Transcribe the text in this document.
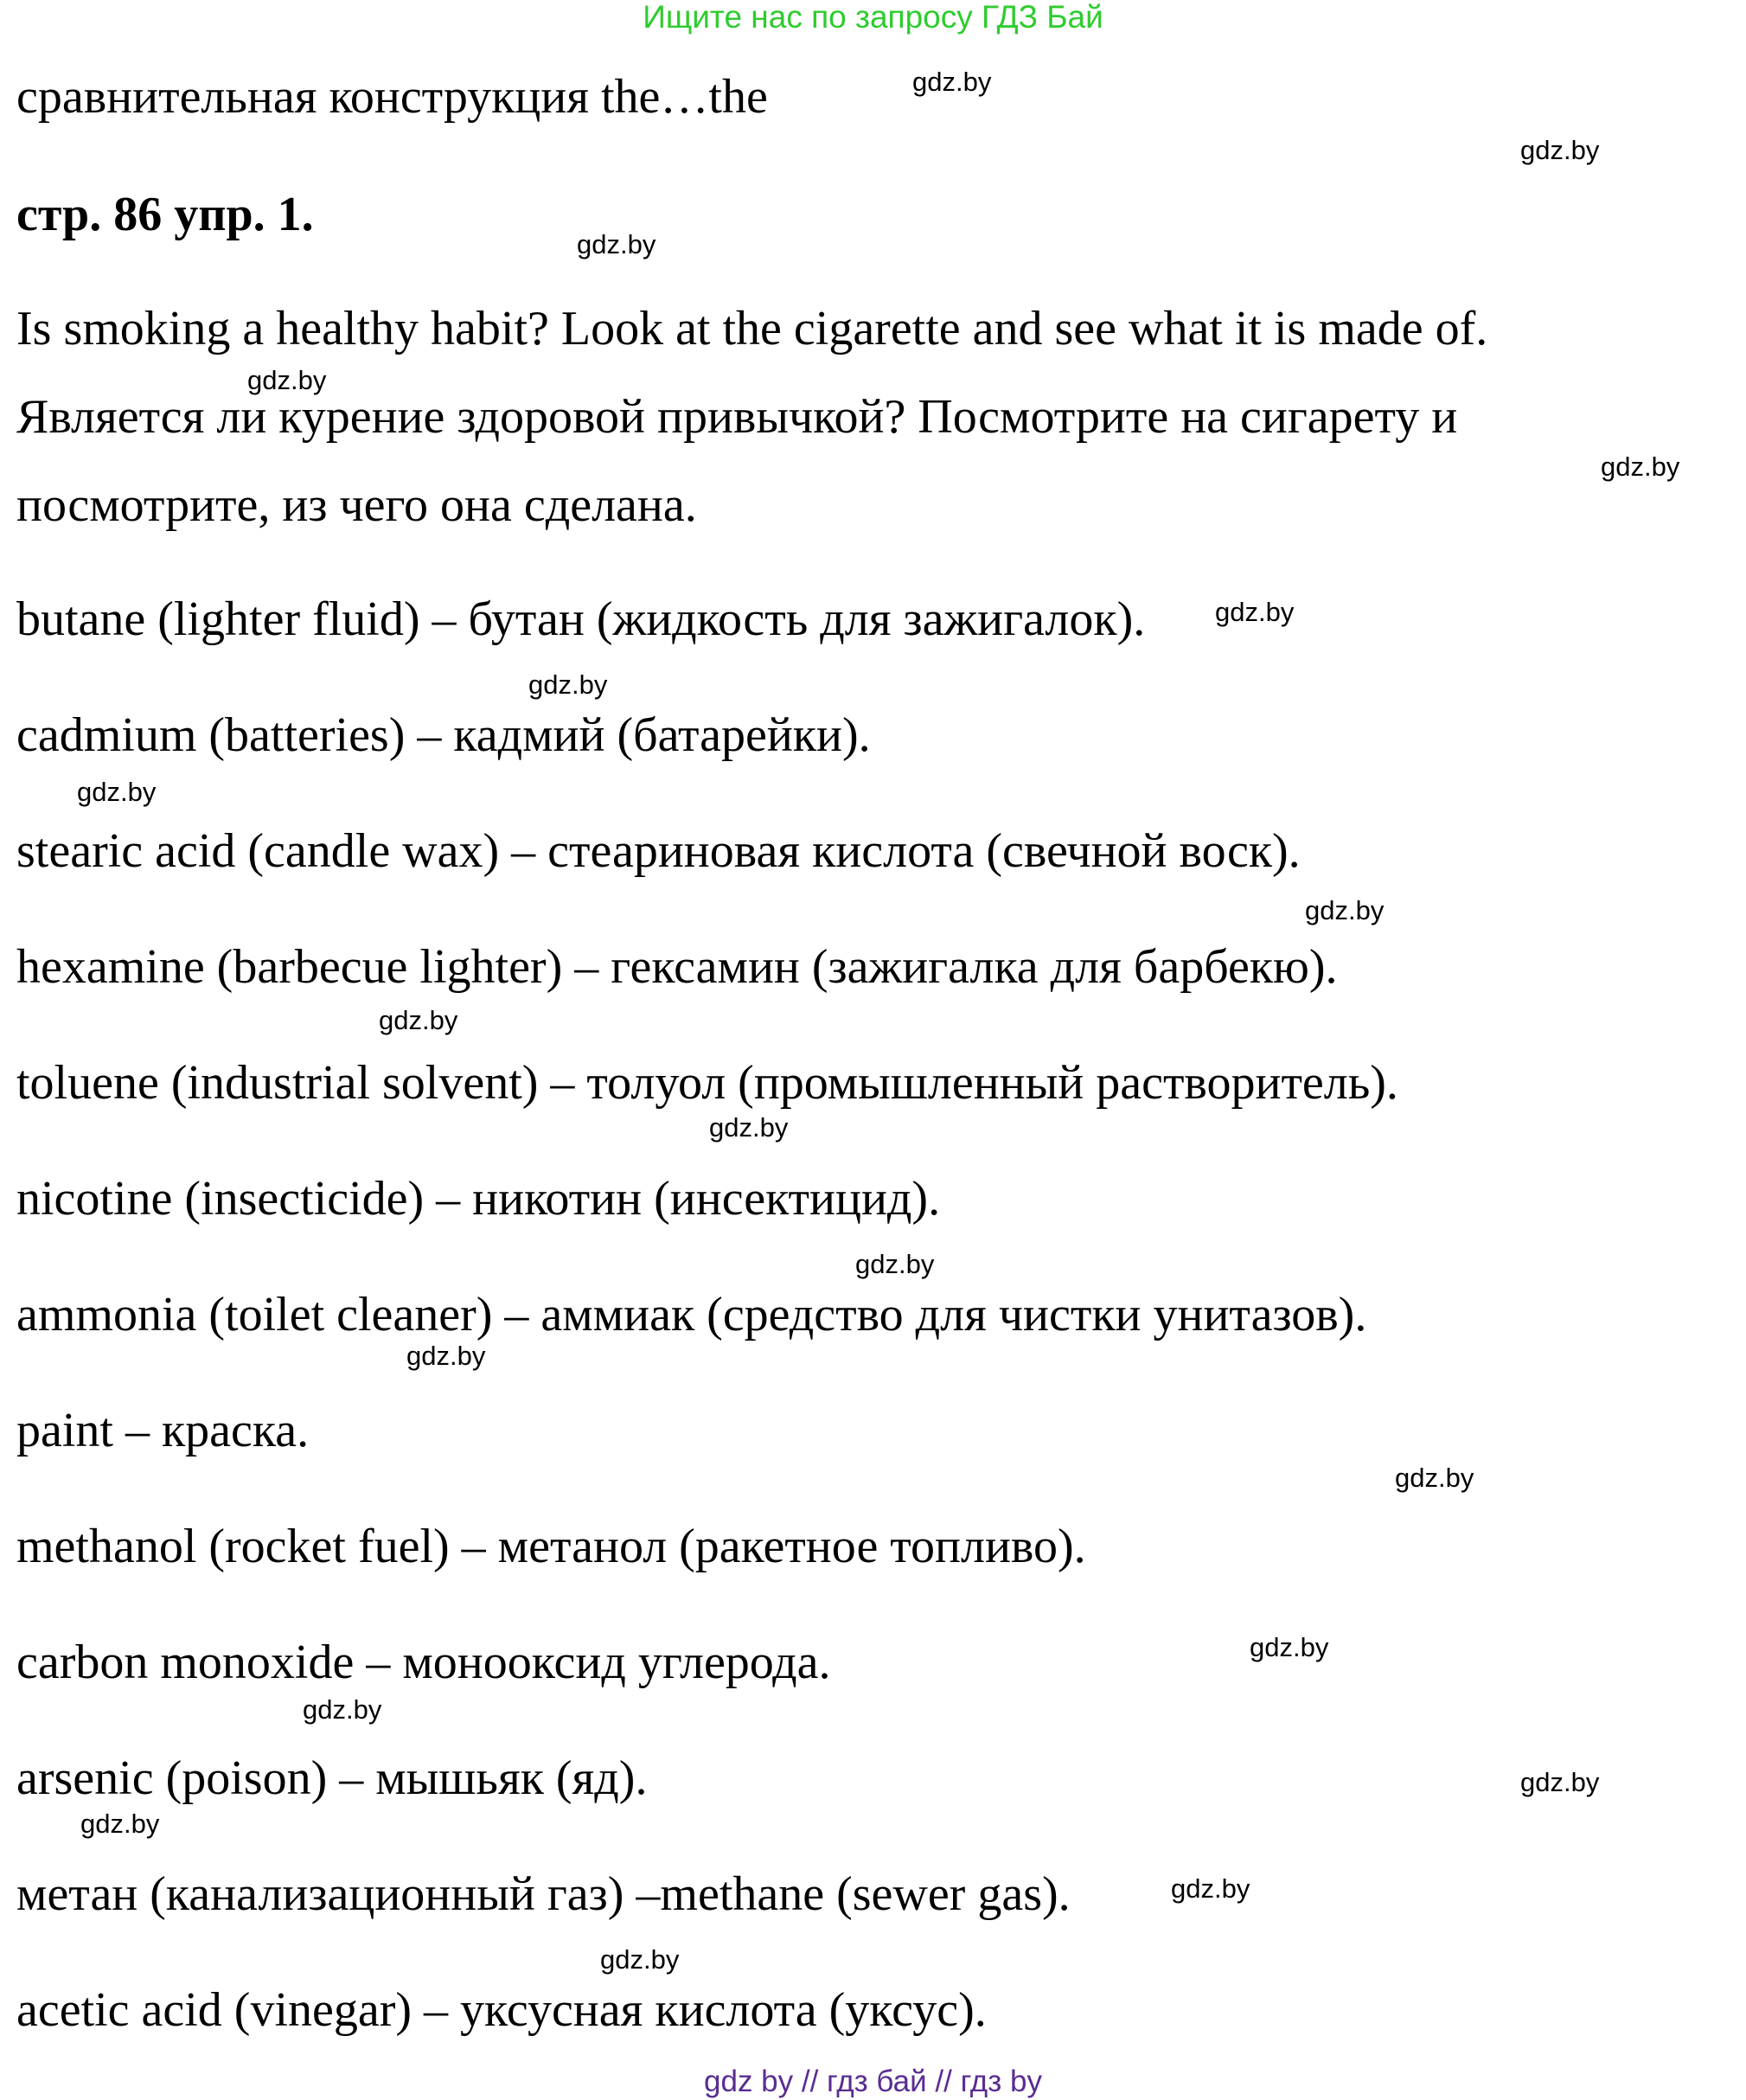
Ищите нас по запросу ГДЗ Бай
сравнительная конструкция the…the
стр. 86 упр. 1.
Is smoking a healthy habit? Look at the cigarette and see what it is made of.
Является ли курение здоровой привычкой? Посмотрите на сигарету и
посмотрите, из чего она сделана.
butane (lighter fluid) – бутан (жидкость для зажигалок).
cadmium (batteries) – кадмий (батарейки).
stearic acid (candle wax) – стеариновая кислота (свечной воск).
hexamine (barbecue lighter) – гексамин (зажигалка для барбекю).
toluene (industrial solvent) – толуол (промышленный растворитель).
nicotine (insecticide) – никотин (инсектицид).
ammonia (toilet cleaner) – аммиак (средство для чистки унитазов).
paint – краска.
methanol (rocket fuel) – метанол (ракетное топливо).
carbon monoxide – монооксид углерода.
arsenic (poison) – мышьяк (яд).
метан (канализационный газ) –methane (sewer gas).
acetic acid (vinegar) – уксусная кислота (уксус).
gdz.by
gdz.by
gdz.by
gdz.by
gdz.by
gdz.by
gdz.by
gdz.by
gdz.by
gdz.by
gdz.by
gdz.by
gdz.by
gdz.by
gdz.by
gdz.by
gdz.by
gdz.by
gdz.by
gdz.by
gdz by // гдз бай // гдз by
